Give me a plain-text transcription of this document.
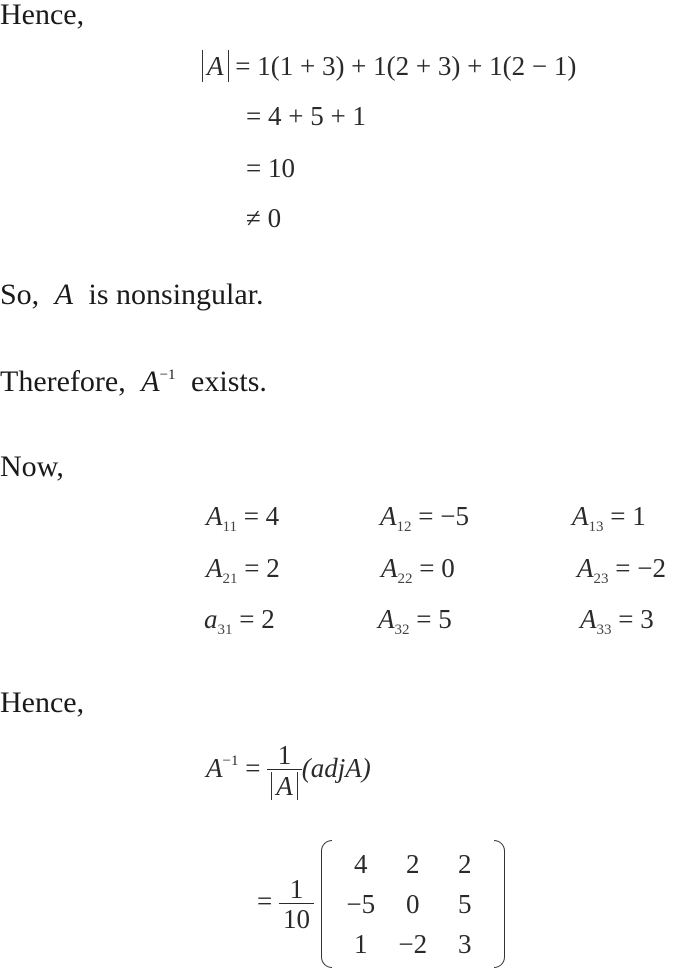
Hence,
A = 1(1 + 3) + 1(2 + 3) + 1(2 − 1)
= 4 + 5 + 1
= 10
≠ 0
So, A is nonsingular.
Therefore, $A^{-1}$ exists.
Now,
$A_{11} = 4$	$A_{12} = -5$	$A_{13} = 1$
$A_{21} = 2$	$A_{22} = 0$	$A_{23} = -2$
$a_{31} = 2$	$A_{32} = 5$	$A_{33} = 3$
Hence,
$A^{-1} = \frac{1}{A}$ (adjA)
= $\frac{1}{10}$

4	2	2
−5	0	5
1	−2	3
